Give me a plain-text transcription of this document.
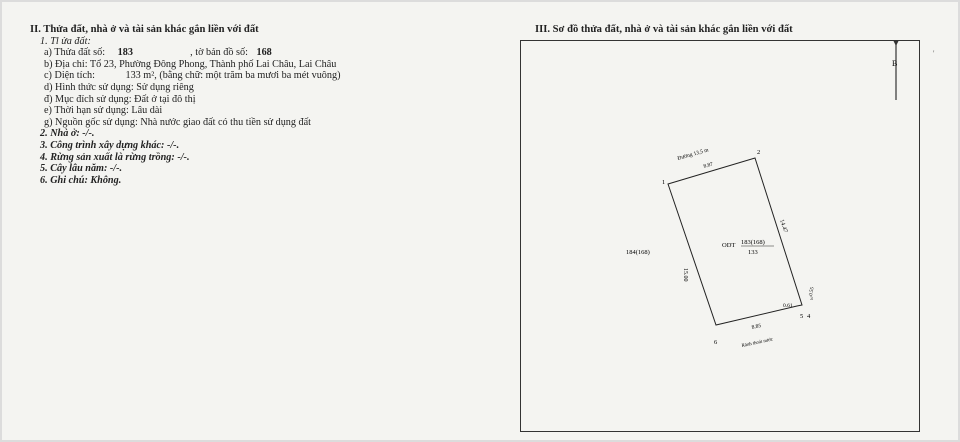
II. Thửa đất, nhà ở và tài sản khác gắn liền với đất
1. Tl ửa đất:
a) Thửa đất số: 183	, tờ bản đồ số: 168
b) Địa chỉ: Tổ 23, Phường Đông Phong, Thành phố Lai Châu, Lai Châu
c) Diện tích:	133 m², (bằng chữ: một trăm ba mươi ba mét vuông)
d) Hình thức sử dụng: Sử dụng riêng
đ) Mục đích sử dụng: Đất ở tại đô thị
e) Thời hạn sử dụng: Lâu dài
g) Nguồn gốc sử dụng: Nhà nước giao đất có thu tiền sử dụng đất
2. Nhà ở: -/-.
3. Công trình xây dựng khác: -/-.
4. Rừng sản xuất là rừng trồng: -/-.
5. Cây lâu năm: -/-.
6. Ghi chú: Không.
III. Sơ đồ thửa đất, nhà ở và tài sản khác gắn liền với đất
B
'
Đường 13,5 m
8.87
1
2
3
4
5
6
15.00
14.47
0.61
0.55
8.85
Rãnh thoát nước
184(168)
ODT 183(168)
133
